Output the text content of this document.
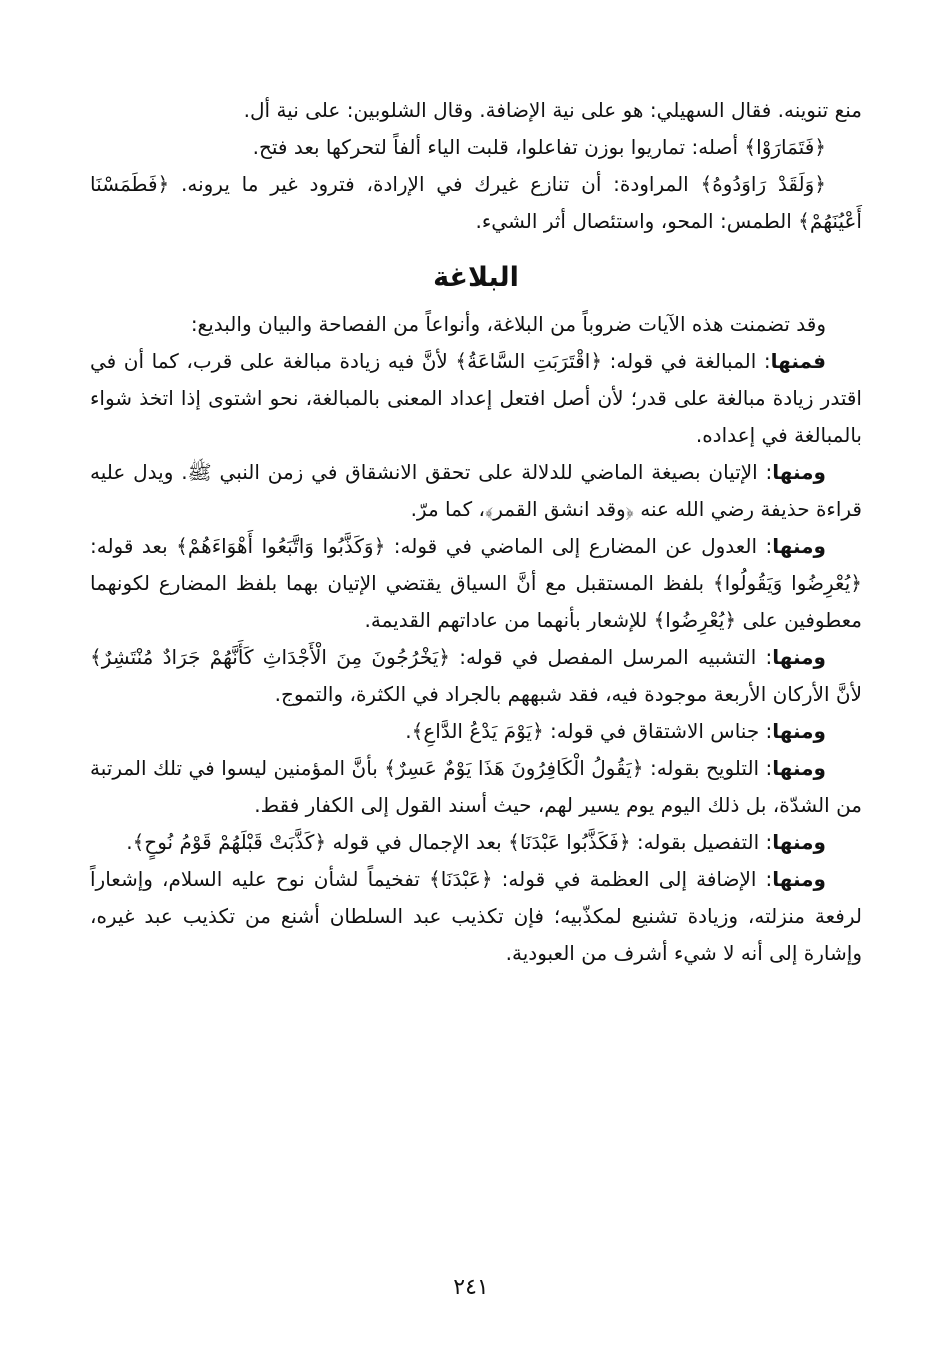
منع تنوينه. فقال السهيلي: هو على نية الإضافة. وقال الشلوبين: على نية أل.

﴿فَتَمَارَوْا﴾ أصله: تماريوا بوزن تفاعلوا، قلبت الياء ألفاً لتحركها بعد فتح.

﴿وَلَقَدْ رَاوَدُوهُ﴾ المراودة: أن تنازع غيرك في الإرادة، فترود غير ما يرونه. ﴿فَطَمَسْنَا أَعْيُنَهُمْ﴾ الطمس: المحو، واستئصال أثر الشيء.

البلاغة

وقد تضمنت هذه الآيات ضروباً من البلاغة، وأنواعاً من الفصاحة والبيان والبديع:

فمنها: المبالغة في قوله: ﴿اقْتَرَبَتِ السَّاعَةُ﴾ لأنَّ فيه زيادة مبالغة على قرب، كما أن في اقتدر زيادة مبالغة على قدر؛ لأن أصل افتعل إعداد المعنى بالمبالغة، نحو اشتوى إذا اتخذ شواء بالمبالغة في إعداده.

ومنها: الإتيان بصيغة الماضي للدلالة على تحقق الانشقاق في زمن النبي ﷺ. ويدل عليه قراءة حذيفة رضي الله عنه ﴿وقد انشق القمر﴾، كما مرّ.

ومنها: العدول عن المضارع إلى الماضي في قوله: ﴿وَكَذَّبُوا وَاتَّبَعُوا أَهْوَاءَهُمْ﴾ بعد قوله: ﴿يُعْرِضُوا وَيَقُولُوا﴾ بلفظ المستقبل مع أنَّ السياق يقتضي الإتيان بهما بلفظ المضارع لكونهما معطوفين على ﴿يُعْرِضُوا﴾ للإشعار بأنهما من عاداتهم القديمة.

ومنها: التشبيه المرسل المفصل في قوله: ﴿يَخْرُجُونَ مِنَ الْأَجْدَاثِ كَأَنَّهُمْ جَرَادٌ مُنْتَشِرٌ﴾ لأنَّ الأركان الأربعة موجودة فيه، فقد شبههم بالجراد في الكثرة، والتموج.

ومنها: جناس الاشتقاق في قوله: ﴿يَوْمَ يَدْعُ الدَّاعِ﴾.

ومنها: التلويح بقوله: ﴿يَقُولُ الْكَافِرُونَ هَذَا يَوْمٌ عَسِرٌ﴾ بأنَّ المؤمنين ليسوا في تلك المرتبة من الشدّة، بل ذلك اليوم يوم يسير لهم، حيث أسند القول إلى الكفار فقط.

ومنها: التفصيل بقوله: ﴿فَكَذَّبُوا عَبْدَنَا﴾ بعد الإجمال في قوله ﴿كَذَّبَتْ قَبْلَهُمْ قَوْمُ نُوحٍ﴾.

ومنها: الإضافة إلى العظمة في قوله: ﴿عَبْدَنَا﴾ تفخيماً لشأن نوح عليه السلام، وإشعاراً لرفعة منزلته، وزيادة تشنيع لمكذّبيه؛ فإن تكذيب عبد السلطان أشنع من تكذيب عبد غيره، وإشارة إلى أنه لا شيء أشرف من العبودية.

٢٤١
